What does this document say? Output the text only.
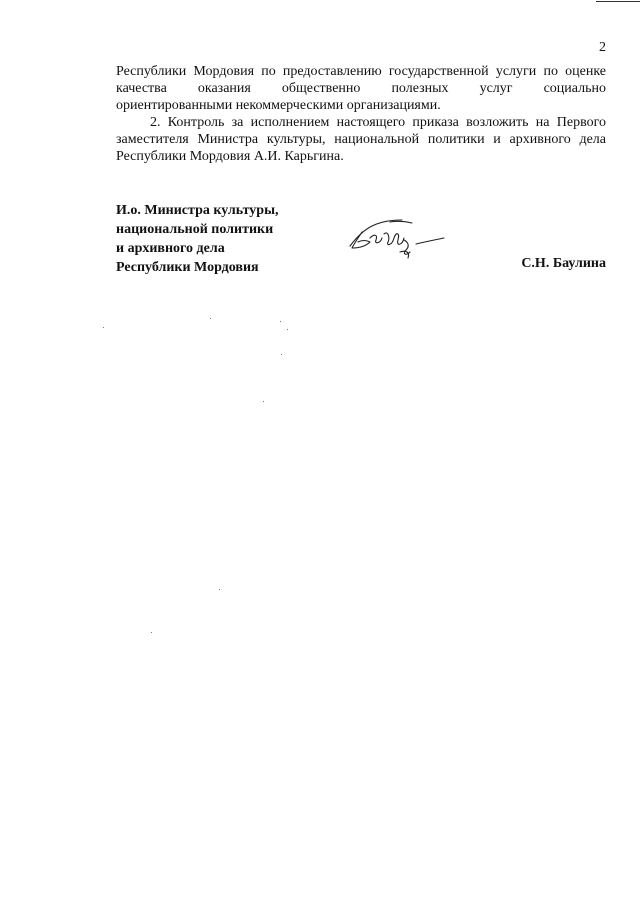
2
Республики Мордовия по предоставлению государственной услуги по оценке
качества оказания общественно полезных услуг социально
ориентированными некоммерческими организациями.
2. Контроль за исполнением настоящего приказа возложить на Первого
заместителя Министра культуры, национальной политики и архивного дела
Республики Мордовия А.И. Карьгина.
И.о. Министра культуры,
национальной политики
и архивного дела
Республики Мордовия	С.Н. Баулина
